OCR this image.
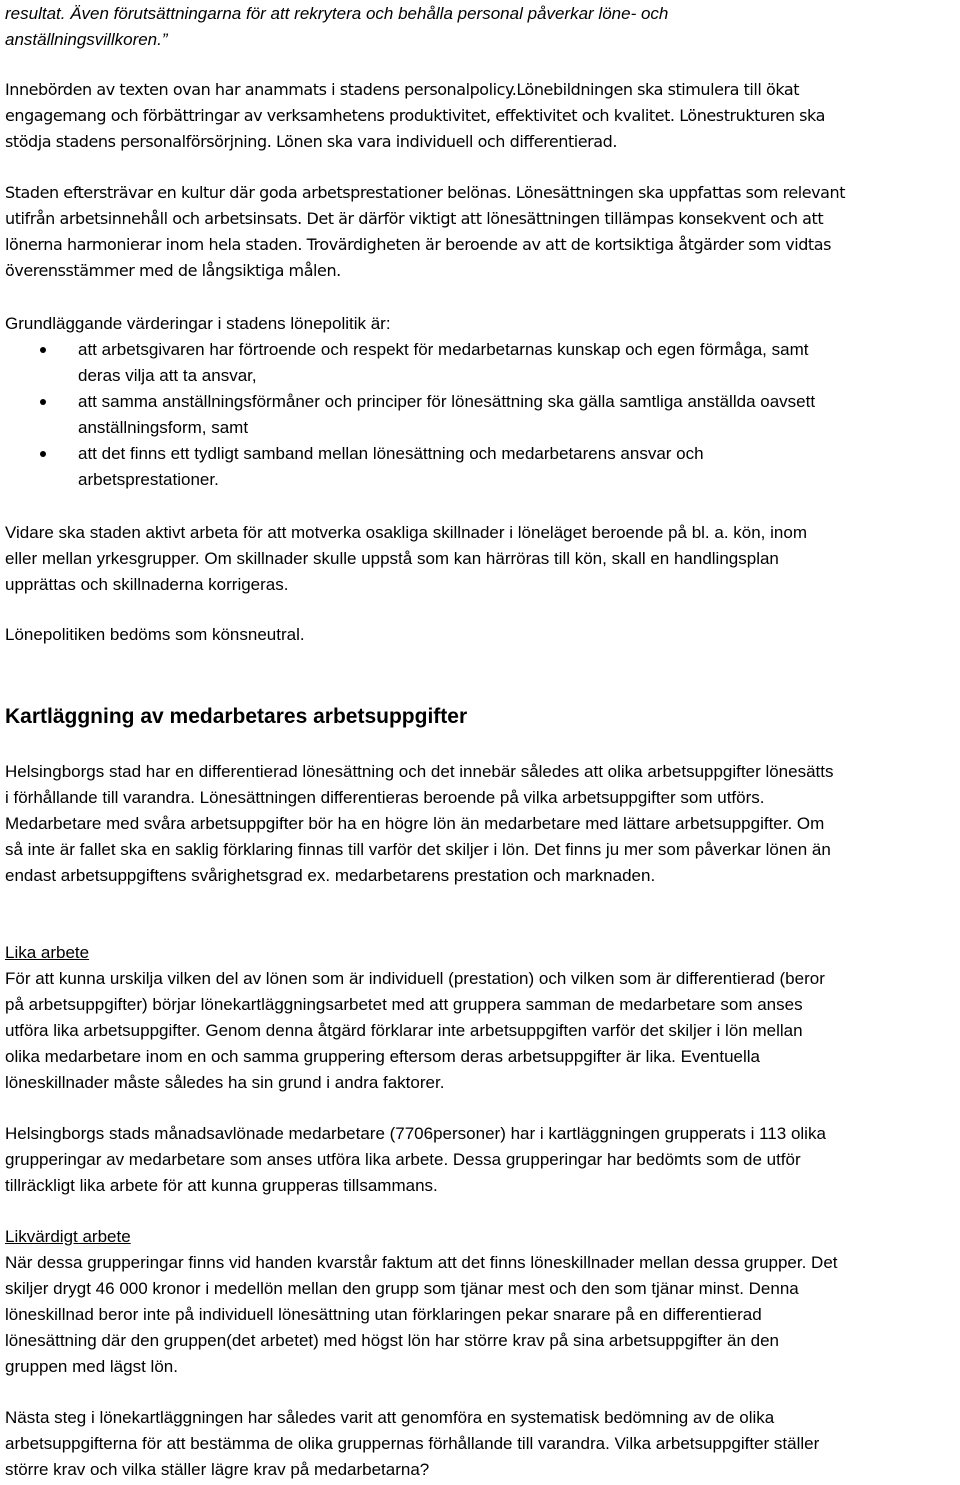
resultat. Även förutsättningarna för att rekrytera och behålla personal påverkar löne- och
anställningsvillkoren.”

Innebörden av texten ovan har anammats i stadens personalpolicy.Lönebildningen ska stimulera till ökat
engagemang och förbättringar av verksamhetens produktivitet, effektivitet och kvalitet. Lönestrukturen ska
stödja stadens personalförsörjning. Lönen ska vara individuell och differentierad.

Staden eftersträvar en kultur där goda arbetsprestationer belönas. Lönesättningen ska uppfattas som relevant
utifrån arbetsinnehåll och arbetsinsats. Det är därför viktigt att lönesättningen tillämpas konsekvent och att
lönerna harmonierar inom hela staden. Trovärdigheten är beroende av att de kortsiktiga åtgärder som vidtas
överensstämmer med de långsiktiga målen.

Grundläggande värderingar i stadens lönepolitik är:

att arbetsgivaren har förtroende och respekt för medarbetarnas kunskap och egen förmåga, samt
deras vilja att ta ansvar,
att samma anställningsförmåner och principer för lönesättning ska gälla samtliga anställda oavsett
anställningsform, samt
att det finns ett tydligt samband mellan lönesättning och medarbetarens ansvar och
arbetsprestationer.

Vidare ska staden aktivt arbeta för att motverka osakliga skillnader i löneläget beroende på bl. a. kön, inom
eller mellan yrkesgrupper. Om skillnader skulle uppstå som kan härröras till kön, skall en handlingsplan
upprättas och skillnaderna korrigeras.

Lönepolitiken bedöms som könsneutral.

Kartläggning av medarbetares arbetsuppgifter

Helsingborgs stad har en differentierad lönesättning och det innebär således att olika arbetsuppgifter lönesätts
i förhållande till varandra. Lönesättningen differentieras beroende på vilka arbetsuppgifter som utförs.
Medarbetare med svåra arbetsuppgifter bör ha en högre lön än medarbetare med lättare arbetsuppgifter. Om
så inte är fallet ska en saklig förklaring finnas till varför det skiljer i lön. Det finns ju mer som påverkar lönen än
endast arbetsuppgiftens svårighetsgrad ex. medarbetarens prestation och marknaden.

Lika arbete
För att kunna urskilja vilken del av lönen som är individuell (prestation) och vilken som är differentierad (beror
på arbetsuppgifter) börjar lönekartläggningsarbetet med att gruppera samman de medarbetare som anses
utföra lika arbetsuppgifter. Genom denna åtgärd förklarar inte arbetsuppgiften varför det skiljer i lön mellan
olika medarbetare inom en och samma gruppering eftersom deras arbetsuppgifter är lika. Eventuella
löneskillnader måste således ha sin grund i andra faktorer.

Helsingborgs stads månadsavlönade medarbetare (7706personer) har i kartläggningen grupperats i 113 olika
grupperingar av medarbetare som anses utföra lika arbete. Dessa grupperingar har bedömts som de utför
tillräckligt lika arbete för att kunna grupperas tillsammans.

Likvärdigt arbete
När dessa grupperingar finns vid handen kvarstår faktum att det finns löneskillnader mellan dessa grupper. Det
skiljer drygt 46 000 kronor i medellön mellan den grupp som tjänar mest och den som tjänar minst. Denna
löneskillnad beror inte på individuell lönesättning utan förklaringen pekar snarare på en differentierad
lönesättning där den gruppen(det arbetet) med högst lön har större krav på sina arbetsuppgifter än den
gruppen med lägst lön.

Nästa steg i lönekartläggningen har således varit att genomföra en systematisk bedömning av de olika
arbetsuppgifterna för att bestämma de olika gruppernas förhållande till varandra. Vilka arbetsuppgifter ställer
större krav och vilka ställer lägre krav på medarbetarna?
